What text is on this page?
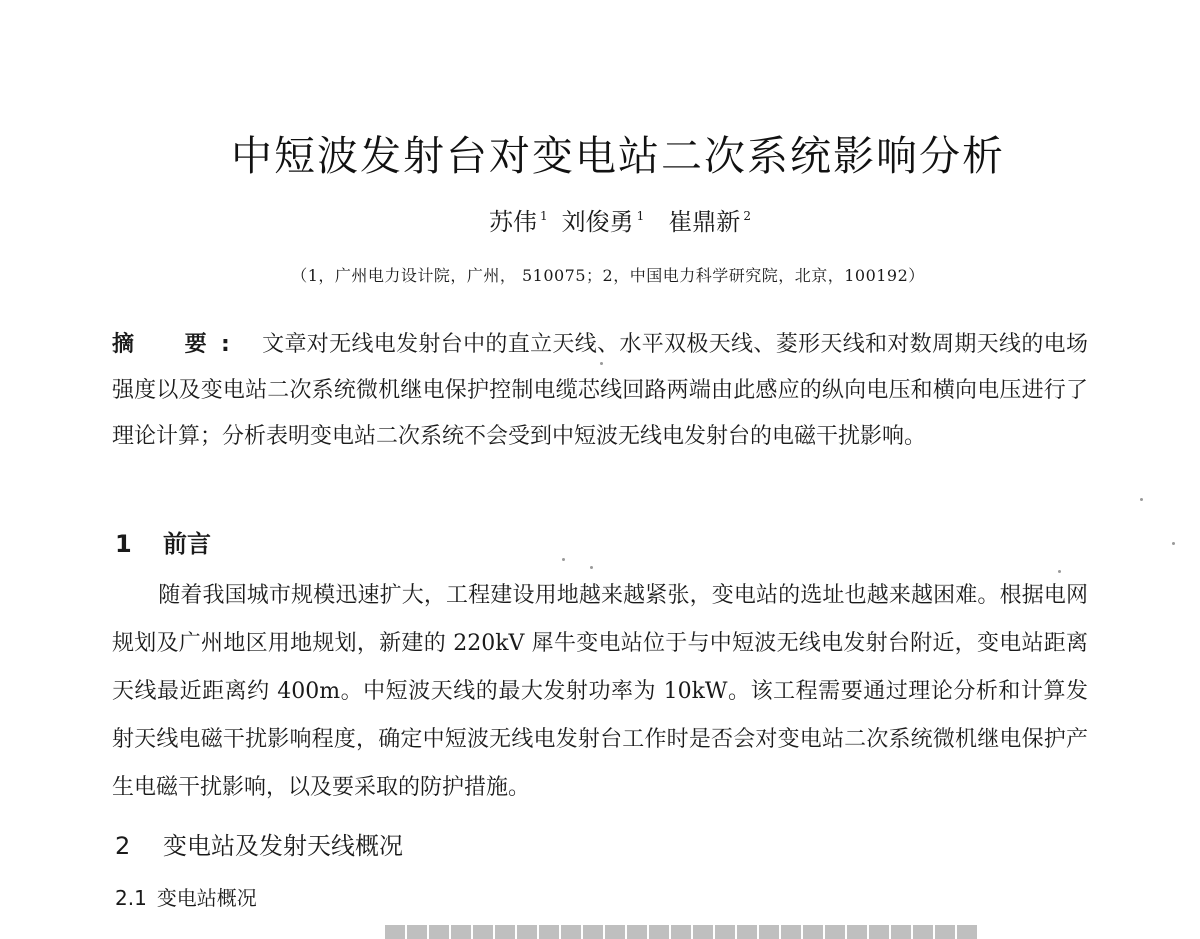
中短波发射台对变电站二次系统影响分析
苏伟 $^1$ 刘俊勇 $^1$ 崔鼎新 $^2$
（1，广州电力设计院，广州， 510075；2，中国电力科学研究院，北京，100192）

摘　要: 文章对无线电发射台中的直立天线、水平双极天线、菱形天线和对数周期天线的电场强度以及变电站二次系统微机继电保护控制电缆芯线回路两端由此感应的纵向电压和横向电压进行了理论计算；分析表明变电站二次系统不会受到中短波无线电发射台的电磁干扰影响。

1 前言

随着我国城市规模迅速扩大，工程建设用地越来越紧张，变电站的选址也越来越困难。根据电网规划及广州地区用地规划，新建的 220kV 犀牛变电站位于与中短波无线电发射台附近，变电站距离天线最近距离约 400m。中短波天线的最大发射功率为 10kW。该工程需要通过理论分析和计算发射天线电磁干扰影响程度，确定中短波无线电发射台工作时是否会对变电站二次系统微机继电保护产生电磁干扰影响，以及要采取的防护措施。

2 变电站及发射天线概况
2.1 变电站概况
